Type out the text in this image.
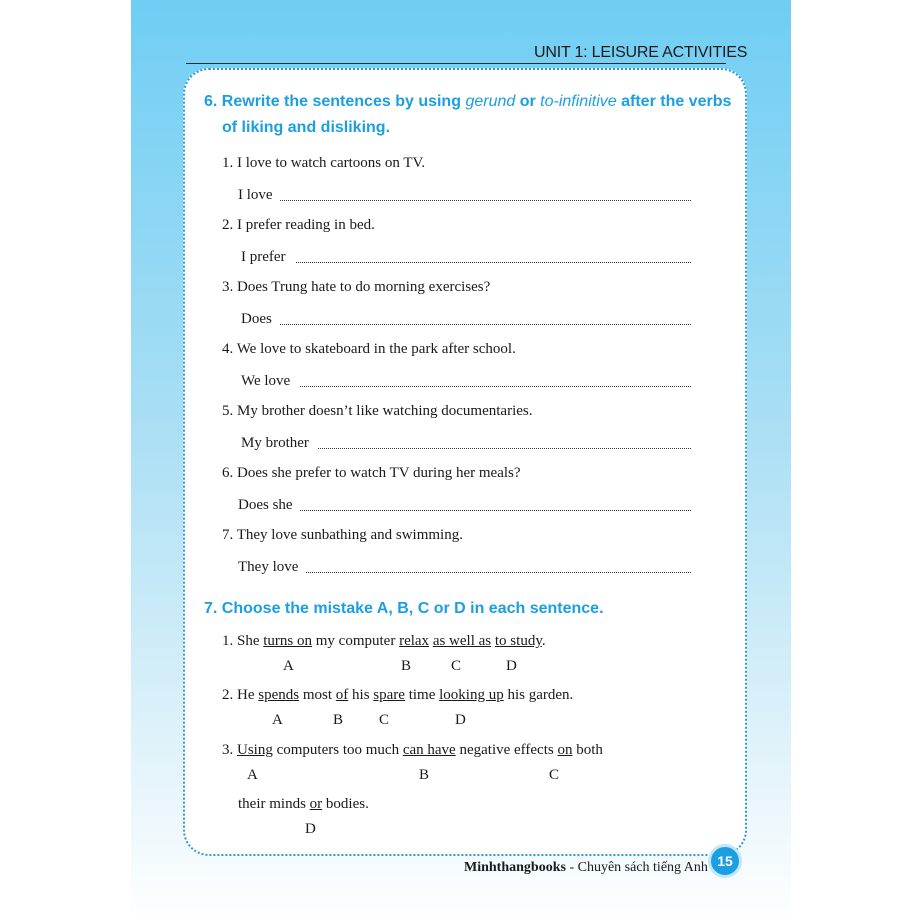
UNIT 1: LEISURE ACTIVITIES
6. Rewrite the sentences by using gerund or to-infinitive after the verbs
of liking and disliking.
1. I love to watch cartoons on TV.
I love
2. I prefer reading in bed.
I prefer
3. Does Trung hate to do morning exercises?
Does
4. We love to skateboard in the park after school.
We love
5. My brother doesn’t like watching documentaries.
My brother
6. Does she prefer to watch TV during her meals?
Does she
7. They love sunbathing and swimming.
They love
7. Choose the mistake A, B, C or D in each sentence.
1. She turns on my computer relax as well as to study.
A	B	C	D
2. He spends most of his spare time looking up his garden.
A	B C	D
3. Using computers too much can have negative effects on both
A	B	C
their minds or bodies.
D
Minhthangbooks - Chuyên sách tiếng Anh 15
